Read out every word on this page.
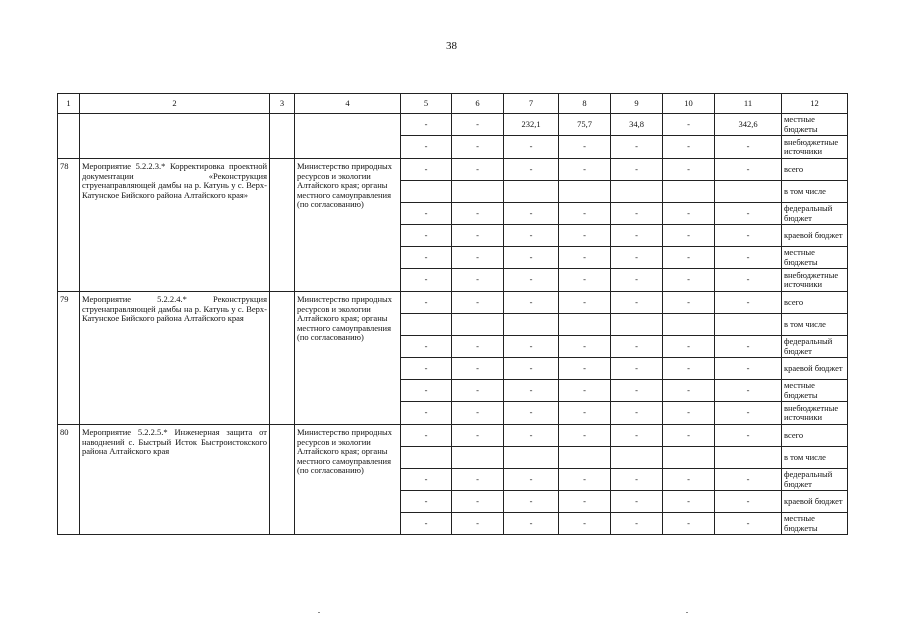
38
1	2	3	4	5	6	7	8	9	10	11	12
				-	-	232,1	75,7	34,8	-	342,6	местные бюджеты
				-	-	-	-	-	-	-	внебюджетные источники
78	Мероприятие 5.2.2.3.* Корректировка проектной документации «Реконструкция струенаправляющей дамбы на р. Катунь у с. Верх-Катунское Бийского района Алтайского края»		Министерство природных ресурсов и экологии Алтайского края; органы местного самоуправления (по согласованию)	-	-	-	-	-	-	-	всего
											в том числе
				-	-	-	-	-	-	-	федеральный бюджет
				-	-	-	-	-	-	-	краевой бюджет
				-	-	-	-	-	-	-	местные бюджеты
				-	-	-	-	-	-	-	внебюджетные источники
79	Мероприятие 5.2.2.4.* Реконструкция струенаправляющей дамбы на р. Катунь у с. Верх-Катунское Бийского района Алтайского края		Министерство природных ресурсов и экологии Алтайского края; органы местного самоуправления (по согласованию)	-	-	-	-	-	-	-	всего
											в том числе
				-	-	-	-	-	-	-	федеральный бюджет
				-	-	-	-	-	-	-	краевой бюджет
				-	-	-	-	-	-	-	местные бюджеты
				-	-	-	-	-	-	-	внебюджетные источники
80	Мероприятие 5.2.2.5.* Инженерная защита от наводнений с. Быстрый Исток Быстроистокского района Алтайского края		Министерство природных ресурсов и экологии Алтайского края; органы местного самоуправления (по согласованию)	-	-	-	-	-	-	-	всего
											в том числе
				-	-	-	-	-	-	-	федеральный бюджет
				-	-	-	-	-	-	-	краевой бюджет
				-	-	-	-	-	-	-	местные бюджеты
